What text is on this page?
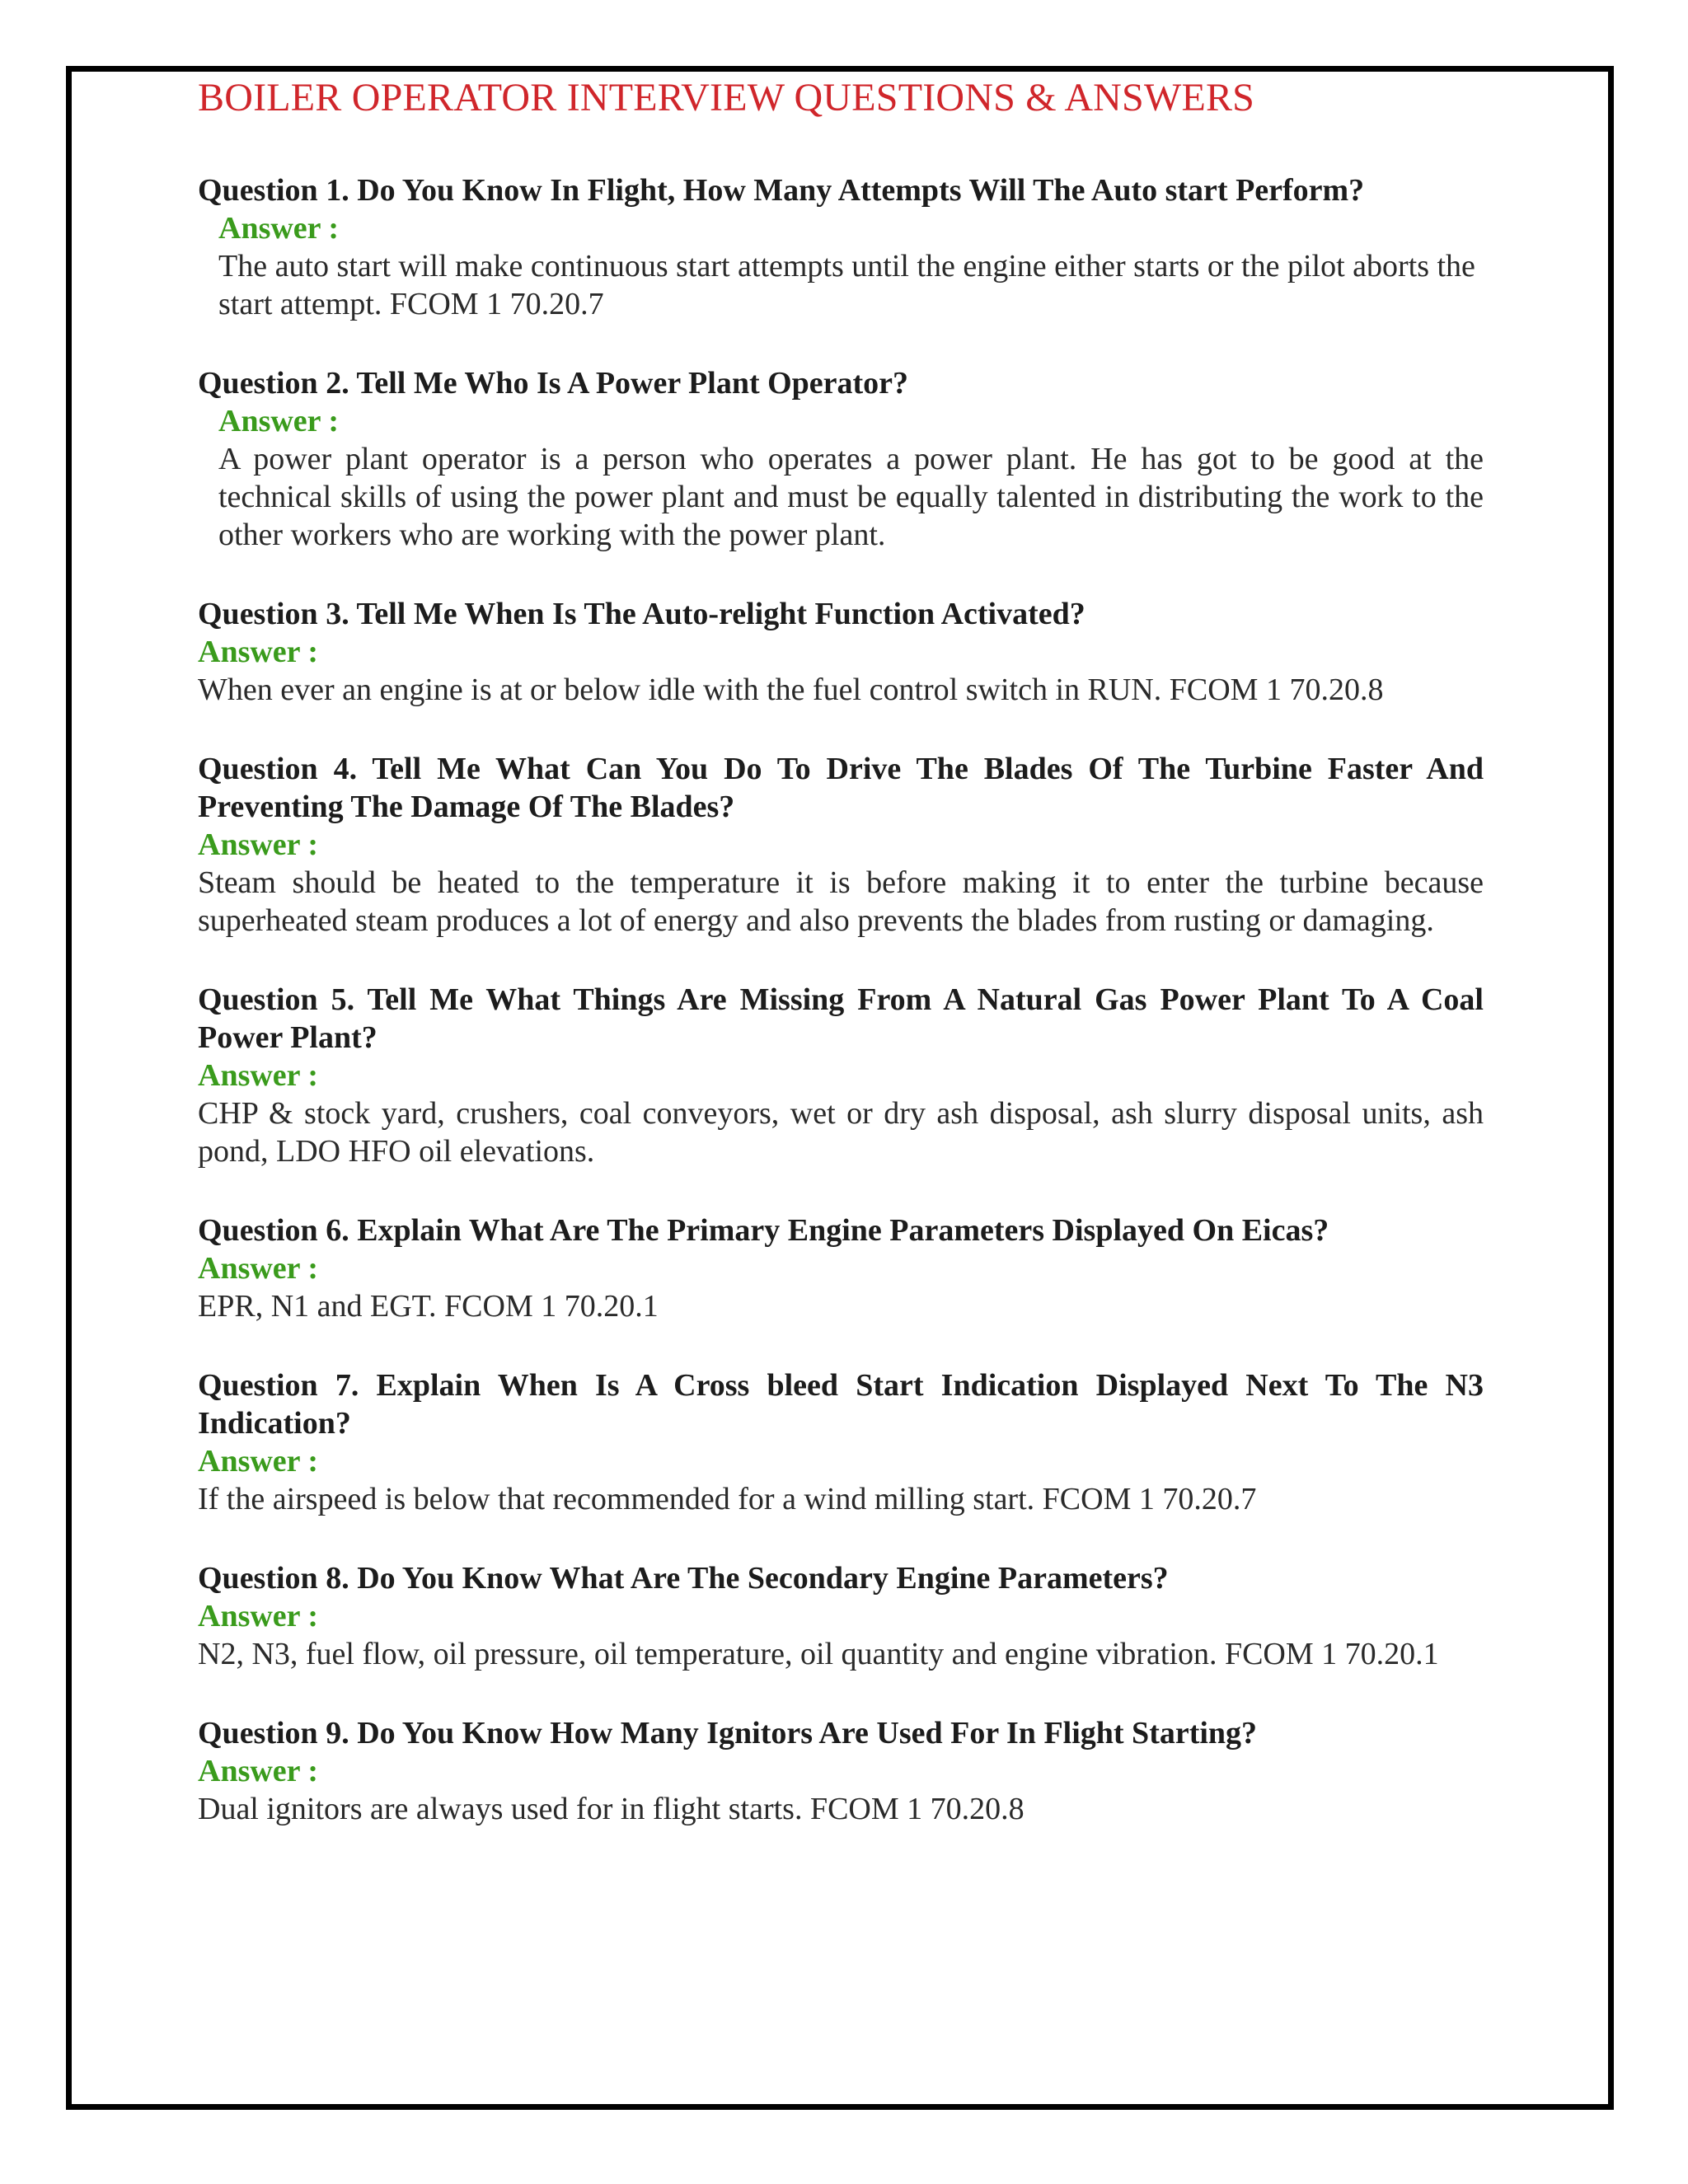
BOILER OPERATOR INTERVIEW QUESTIONS & ANSWERS

Question 1. Do You Know In Flight, How Many Attempts Will The Auto start Perform?

Answer :

The auto start will make continuous start attempts until the engine either starts or the pilot aborts the start attempt. FCOM 1 70.20.7

Question 2. Tell Me Who Is A Power Plant Operator?

Answer :

A power plant operator is a person who operates a power plant. He has got to be good at the technical skills of using the power plant and must be equally talented in distributing the work to the other workers who are working with the power plant.

Question 3. Tell Me When Is The Auto-relight Function Activated?

Answer :

When ever an engine is at or below idle with the fuel control switch in RUN. FCOM 1 70.20.8

Question 4. Tell Me What Can You Do To Drive The Blades Of The Turbine Faster And Preventing The Damage Of The Blades?

Answer :

Steam should be heated to the temperature it is before making it to enter the turbine because superheated steam produces a lot of energy and also prevents the blades from rusting or damaging.

Question 5. Tell Me What Things Are Missing From A Natural Gas Power Plant To A Coal Power Plant?

Answer :

CHP & stock yard, crushers, coal conveyors, wet or dry ash disposal, ash slurry disposal units, ash pond, LDO HFO oil elevations.

Question 6. Explain What Are The Primary Engine Parameters Displayed On Eicas?

Answer :

EPR, N1 and EGT. FCOM 1 70.20.1

Question 7. Explain When Is A Cross bleed Start Indication Displayed Next To The N3 Indication?

Answer :

If the airspeed is below that recommended for a wind milling start. FCOM 1 70.20.7

Question 8. Do You Know What Are The Secondary Engine Parameters?

Answer :

N2, N3, fuel flow, oil pressure, oil temperature, oil quantity and engine vibration. FCOM 1 70.20.1

Question 9. Do You Know How Many Ignitors Are Used For In Flight Starting?

Answer :

Dual ignitors are always used for in flight starts. FCOM 1 70.20.8
